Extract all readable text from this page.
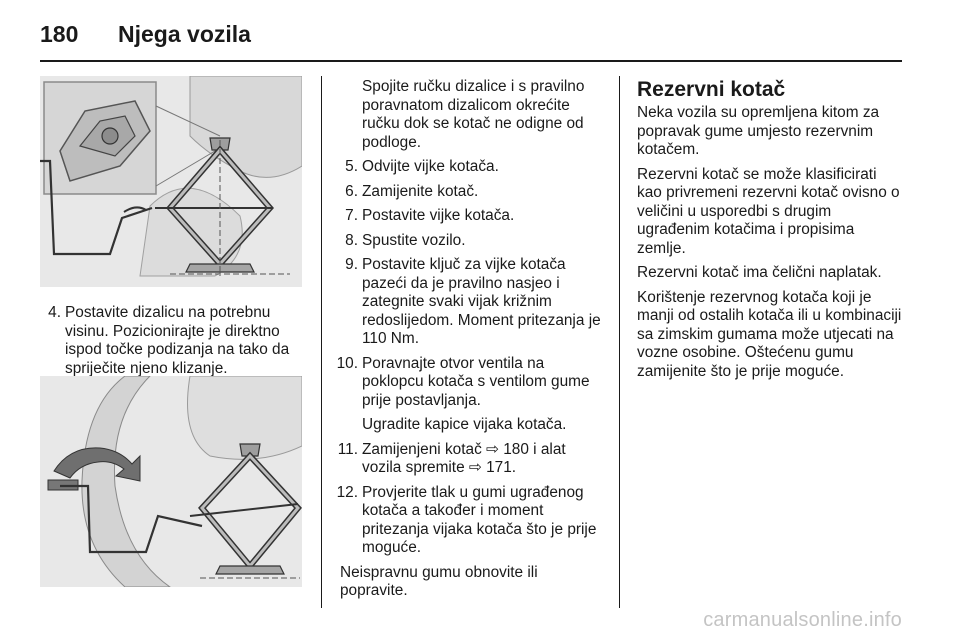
180	Njega vozila
4. Postavite dizalicu na potrebnu visinu. Pozicionirajte je direktno ispod točke podizanja na tako da spriječite njeno klizanje.
Spojite ručku dizalice i s pravilno poravnatom dizalicom okrećite ručku dok se kotač ne odigne od podloge.
5. Odvijte vijke kotača.
6. Zamijenite kotač.
7. Postavite vijke kotača.
8. Spustite vozilo.
9. Postavite ključ za vijke kotača pazeći da je pravilno nasjeo i zategnite svaki vijak križnim redoslijedom. Moment pritezanja je 110 Nm.
10. Poravnajte otvor ventila na poklopcu kotača s ventilom gume prije postavljanja.
Ugradite kapice vijaka kotača.
11. Zamijenjeni kotač ⇨ 180 i alat vozila spremite ⇨ 171.
12. Provjerite tlak u gumi ugrađenog kotača a također i moment pritezanja vijaka kotača što je prije moguće.
Neispravnu gumu obnovite ili popravite.
Rezervni kotač

Neka vozila su opremljena kitom za popravak gume umjesto rezervnim kotačem.

Rezervni kotač se može klasificirati kao privremeni rezervni kotač ovisno o veličini u usporedbi s drugim ugrađenim kotačima i propisima zemlje.

Rezervni kotač ima čelični naplatak.

Korištenje rezervnog kotača koji je manji od ostalih kotača ili u kombinaciji sa zimskim gumama može utjecati na vozne osobine. Oštećenu gumu zamijenite što je prije moguće.

carmanualsonline.info
